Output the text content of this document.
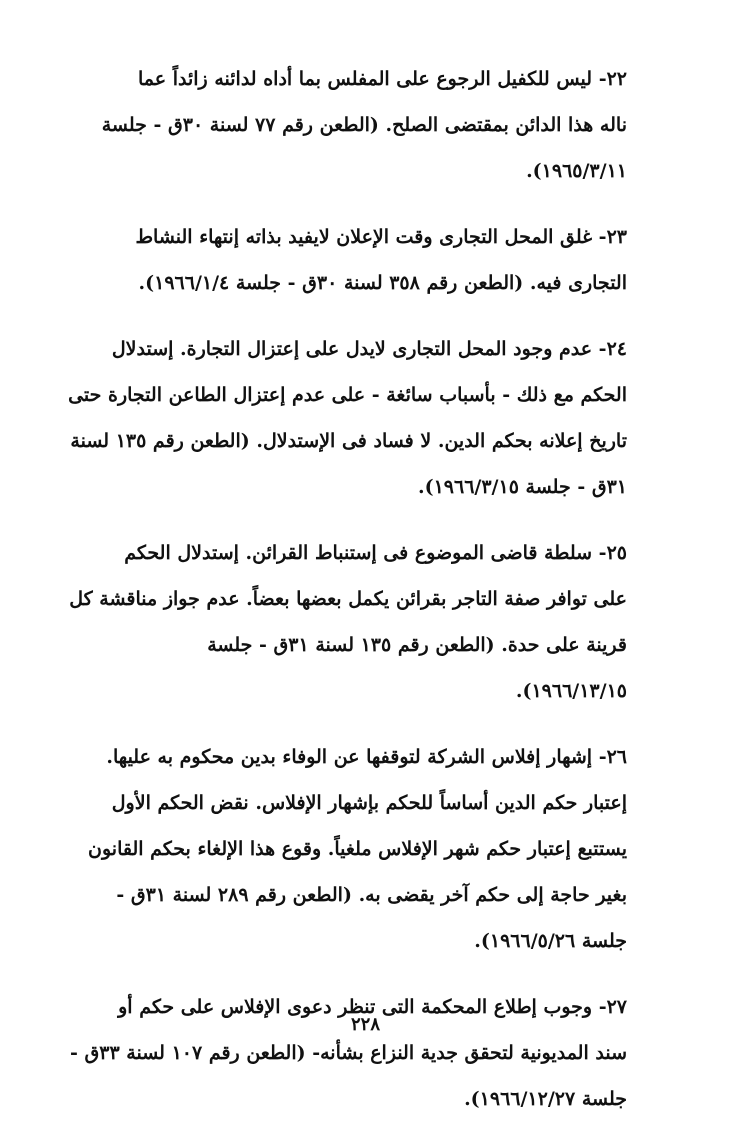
٢٢- ليس للكفيل الرجوع على المفلس بما أداه لدائنه زائداً عما
ناله هذا الدائن بمقتضى الصلح. (الطعن رقم ٧٧ لسنة ٣٠ق - جلسة
١٩٦٥/٣/١١).
٢٣- غلق المحل التجارى وقت الإعلان لايفيد بذاته إنتهاء النشاط
التجارى فيه. (الطعن رقم ٣٥٨ لسنة ٣٠ق - جلسة ١٩٦٦/١/٤).
٢٤- عدم وجود المحل التجارى لايدل على إعتزال التجارة. إستدلال
الحكم مع ذلك - بأسباب سائغة - على عدم إعتزال الطاعن التجارة حتى
تاريخ إعلانه بحكم الدين. لا فساد فى الإستدلال. (الطعن رقم ١٣٥ لسنة
٣١ق - جلسة ١٩٦٦/٣/١٥).
٢٥- سلطة قاضى الموضوع فى إستنباط القرائن. إستدلال الحكم
على توافر صفة التاجر بقرائن يكمل بعضها بعضاً. عدم جواز مناقشة كل
قرينة على حدة. (الطعن رقم ١٣٥ لسنة ٣١ق - جلسة
١٩٦٦/١٣/١٥).
٢٦- إشهار إفلاس الشركة لتوقفها عن الوفاء بدين محكوم به عليها.
إعتبار حكم الدين أساساً للحكم بإشهار الإفلاس. نقض الحكم الأول
يستتبع إعتبار حكم شهر الإفلاس ملغياً. وقوع هذا الإلغاء بحكم القانون
بغير حاجة إلى حكم آخر يقضى به. (الطعن رقم ٢٨٩ لسنة ٣١ق -
جلسة ١٩٦٦/٥/٢٦).
٢٧- وجوب إطلاع المحكمة التى تنظر دعوى الإفلاس على حكم أو
سند المديونية لتحقق جدية النزاع بشأنه- (الطعن رقم ١٠٧ لسنة ٣٣ق -
جلسة ١٩٦٦/١٢/٢٧).
٢٢٨
